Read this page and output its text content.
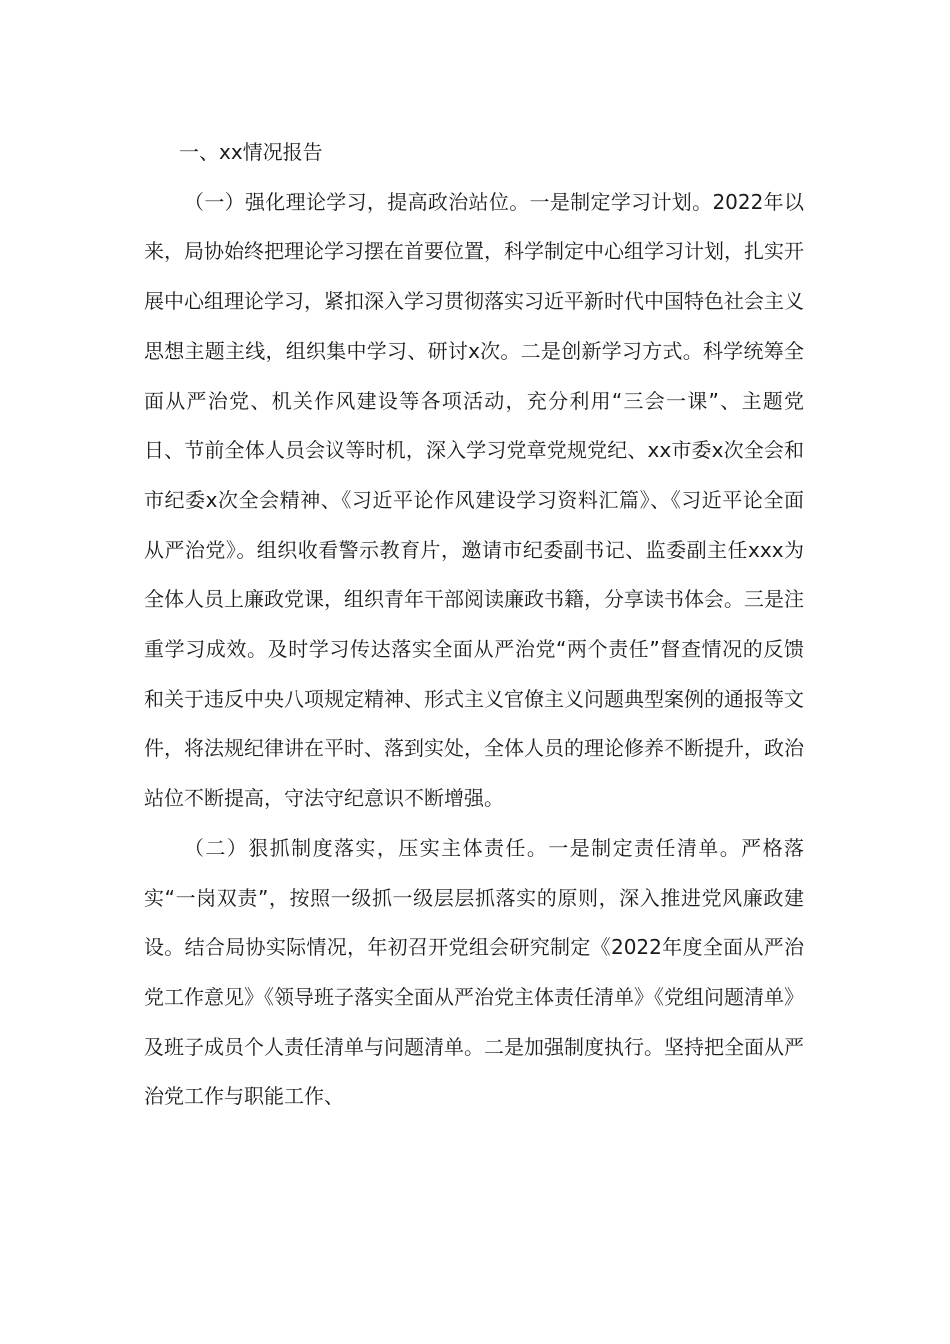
一、xx情况报告

（一）强化理论学习，提高政治站位。一是制定学习计划。2022年以来，局协始终把理论学习摆在首要位置，科学制定中心组学习计划，扎实开展中心组理论学习，紧扣深入学习贯彻落实习近平新时代中国特色社会主义思想主题主线，组织集中学习、研讨x次。二是创新学习方式。科学统筹全面从严治党、机关作风建设等各项活动，充分利用“三会一课”、主题党日、节前全体人员会议等时机，深入学习党章党规党纪、xx市委x次全会和市纪委x次全会精神、《习近平论作风建设学习资料汇篇》、《习近平论全面从严治党》。组织收看警示教育片，邀请市纪委副书记、监委副主任xxx为全体人员上廉政党课，组织青年干部阅读廉政书籍，分享读书体会。三是注重学习成效。及时学习传达落实全面从严治党“两个责任”督查情况的反馈和关于违反中央八项规定精神、形式主义官僚主义问题典型案例的通报等文件，将法规纪律讲在平时、落到实处，全体人员的理论修养不断提升，政治站位不断提高，守法守纪意识不断增强。

（二）狠抓制度落实，压实主体责任。一是制定责任清单。严格落实“一岗双责”，按照一级抓一级层层抓落实的原则，深入推进党风廉政建设。结合局协实际情况，年初召开党组会研究制定《2022年度全面从严治党工作意见》《领导班子落实全面从严治党主体责任清单》《党组问题清单》及班子成员个人责任清单与问题清单。二是加强制度执行。坚持把全面从严治党工作与职能工作、
